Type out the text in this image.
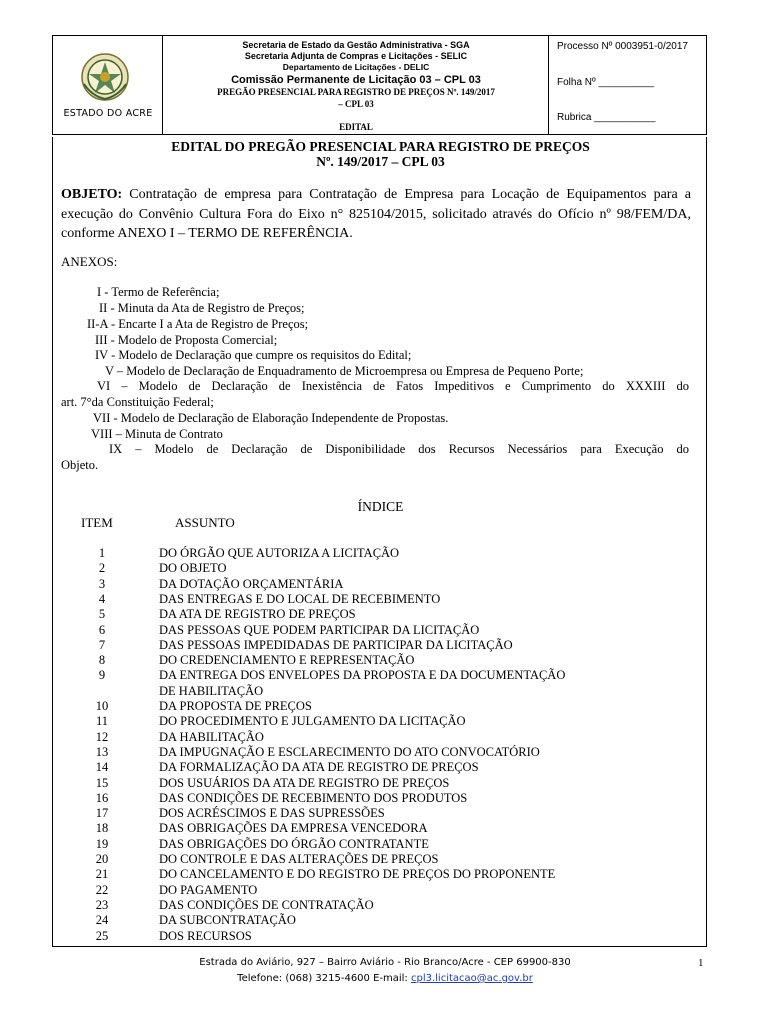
ESTADO DO ACRE
Secretaria de Estado da Gestão Administrativa - SGA
Secretaria Adjunta de Compras e Licitações - SELIC
Departamento de Licitações - DELIC
Comissão Permanente de Licitação 03 – CPL 03
PREGÃO PRESENCIAL PARA REGISTRO DE PREÇOS Nº. 149/2017
– CPL 03
EDITAL
Processo Nº 0003951-0/2017
Folha Nº __________
Rubrica ___________
EDITAL DO PREGÃO PRESENCIAL PARA REGISTRO DE PREÇOS
Nº. 149/2017 – CPL 03
OBJETO: Contratação de empresa para Contratação de Empresa para Locação de Equipamentos para a execução do Convênio Cultura Fora do Eixo n° 825104/2015, solicitado através do Ofício nº 98/FEM/DA, conforme ANEXO I – TERMO DE REFERÊNCIA.
ANEXOS:
I - Termo de Referência;
II - Minuta da Ata de Registro de Preços;
II-A - Encarte I a Ata de Registro de Preços;
III - Modelo de Proposta Comercial;
IV - Modelo de Declaração que cumpre os requisitos do Edital;
V – Modelo de Declaração de Enquadramento de Microempresa ou Empresa de Pequeno Porte;
VI – Modelo de Declaração de Inexistência de Fatos Impeditivos e Cumprimento do XXXIII do
art. 7°da Constituição Federal;
VII - Modelo de Declaração de Elaboração Independente de Propostas.
VIII – Minuta de Contrato
IX – Modelo de Declaração de Disponibilidade dos Recursos Necessários para Execução do
Objeto.
ÍNDICE
ITEM	ASSUNTO
1	DO ÓRGÃO QUE AUTORIZA A LICITAÇÃO
2	DO OBJETO
3	DA DOTAÇÃO ORÇAMENTÁRIA
4	DAS ENTREGAS E DO LOCAL DE RECEBIMENTO
5	DA ATA DE REGISTRO DE PREÇOS
6	DAS PESSOAS QUE PODEM PARTICIPAR DA LICITAÇÃO
7	DAS PESSOAS IMPEDIDADAS DE PARTICIPAR DA LICITAÇÃO
8	DO CREDENCIAMENTO E REPRESENTAÇÃO
9	DA ENTREGA DOS ENVELOPES DA PROPOSTA E DA DOCUMENTAÇÃO
DE HABILITAÇÃO
10	DA PROPOSTA DE PREÇOS
11	DO PROCEDIMENTO E JULGAMENTO DA LICITAÇÃO
12	DA HABILITAÇÃO
13	DA IMPUGNAÇÃO E ESCLARECIMENTO DO ATO CONVOCATÓRIO
14	DA FORMALIZAÇÃO DA ATA DE REGISTRO DE PREÇOS
15	DOS USUÁRIOS DA ATA DE REGISTRO DE PREÇOS
16	DAS CONDIÇÕES DE RECEBIMENTO DOS PRODUTOS
17	DOS ACRÉSCIMOS E DAS SUPRESSÕES
18	DAS OBRIGAÇÕES DA EMPRESA VENCEDORA
19	DAS OBRIGAÇÕES DO ÓRGÃO CONTRATANTE
20	DO CONTROLE E DAS ALTERAÇÕES DE PREÇOS
21	DO CANCELAMENTO E DO REGISTRO DE PREÇOS DO PROPONENTE
22	DO PAGAMENTO
23	DAS CONDIÇÕES DE CONTRATAÇÃO
24	DA SUBCONTRATAÇÃO
25	DOS RECURSOS
Estrada do Aviário, 927 – Bairro Aviário - Rio Branco/Acre - CEP 69900-830
Telefone: (068) 3215-4600 E-mail: cpl3.licitacao@ac.gov.br
1
